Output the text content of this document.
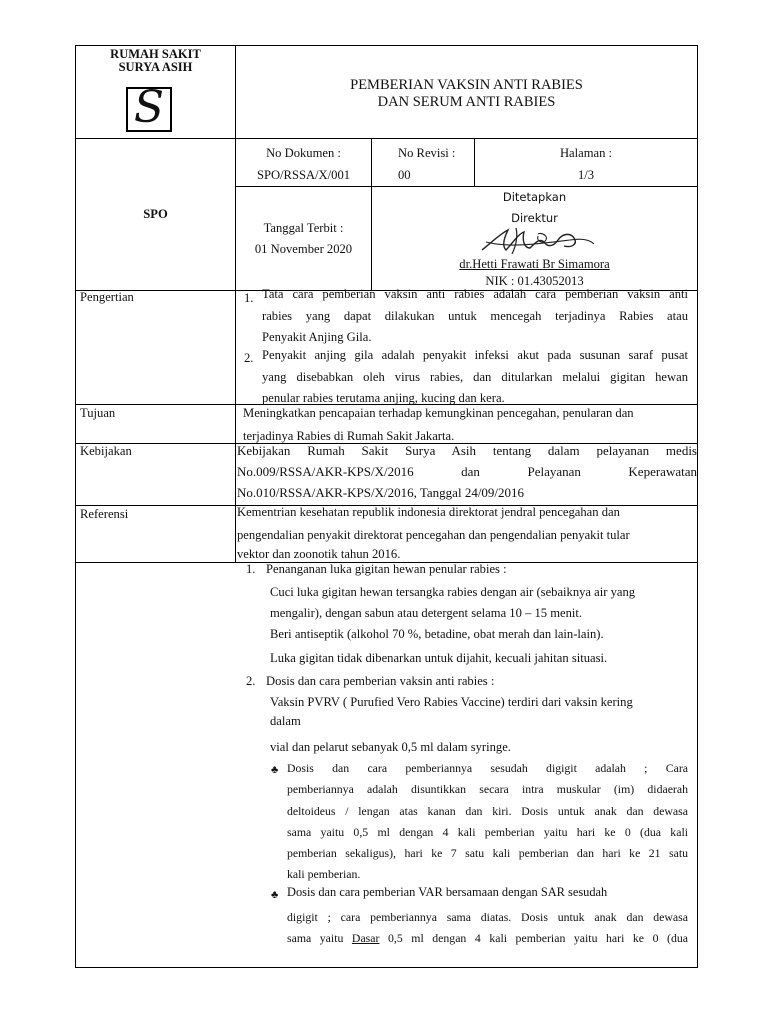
RUMAH SAKIT
SURYA ASIH
S	PEMBERIAN VAKSIN ANTI RABIES
DAN SERUM ANTI RABIES
SPO
No Dokumen :
SPO/RSSA/X/001
No Revisi :
00
Halaman :
1/3
Tanggal Terbit :
01 November 2020
Ditetapkan
Direktur
dr.Hetti Frawati Br Simamora
NIK : 01.43052013
Pengertian	1. Tata cara pemberian vaksin anti rabies adalah cara pemberian vaksin anti
rabies yang dapat dilakukan untuk mencegah terjadinya Rabies atau
Penyakit Anjing Gila.
2. Penyakit anjing gila adalah penyakit infeksi akut pada susunan saraf pusat
yang disebabkan oleh virus rabies, dan ditularkan melalui gigitan hewan
penular rabies terutama anjing, kucing dan kera.
Tujuan	Meningkatkan pencapaian terhadap kemungkinan pencegahan, penularan dan
terjadinya Rabies di Rumah Sakit Jakarta.
Kebijakan	Kebijakan Rumah Sakit Surya Asih tentang dalam pelayanan medis
No.009/RSSA/AKR-KPS/X/2016 dan Pelayanan Keperawatan
No.010/RSSA/AKR-KPS/X/2016, Tanggal 24/09/2016
Referensi	Kementrian kesehatan republik indonesia direktorat jendral pencegahan dan
pengendalian penyakit direktorat pencegahan dan pengendalian penyakit tular
vektor dan zoonotik tahun 2016.
1. Penanganan luka gigitan hewan penular rabies :
Cuci luka gigitan hewan tersangka rabies dengan air (sebaiknya air yang
mengalir), dengan sabun atau detergent selama 10 – 15 menit.
Beri antiseptik (alkohol 70 %, betadine, obat merah dan lain-lain).
Luka gigitan tidak dibenarkan untuk dijahit, kecuali jahitan situasi.
2. Dosis dan cara pemberian vaksin anti rabies :
Vaksin PVRV ( Purufied Vero Rabies Vaccine) terdiri dari vaksin kering
dalam
vial dan pelarut sebanyak 0,5 ml dalam syringe.
♣ Dosis dan cara pemberiannya sesudah digigit adalah ; Cara
pemberiannya adalah disuntikkan secara intra muskular (im) didaerah
deltoideus / lengan atas kanan dan kiri. Dosis untuk anak dan dewasa
sama yaitu 0,5 ml dengan 4 kali pemberian yaitu hari ke 0 (dua kali
pemberian sekaligus), hari ke 7 satu kali pemberian dan hari ke 21 satu
kali pemberian.
♣ Dosis dan cara pemberian VAR bersamaan dengan SAR sesudah
digigit ; cara pemberiannya sama diatas. Dosis untuk anak dan dewasa
sama yaitu Dasar 0,5 ml dengan 4 kali pemberian yaitu hari ke 0 (dua
